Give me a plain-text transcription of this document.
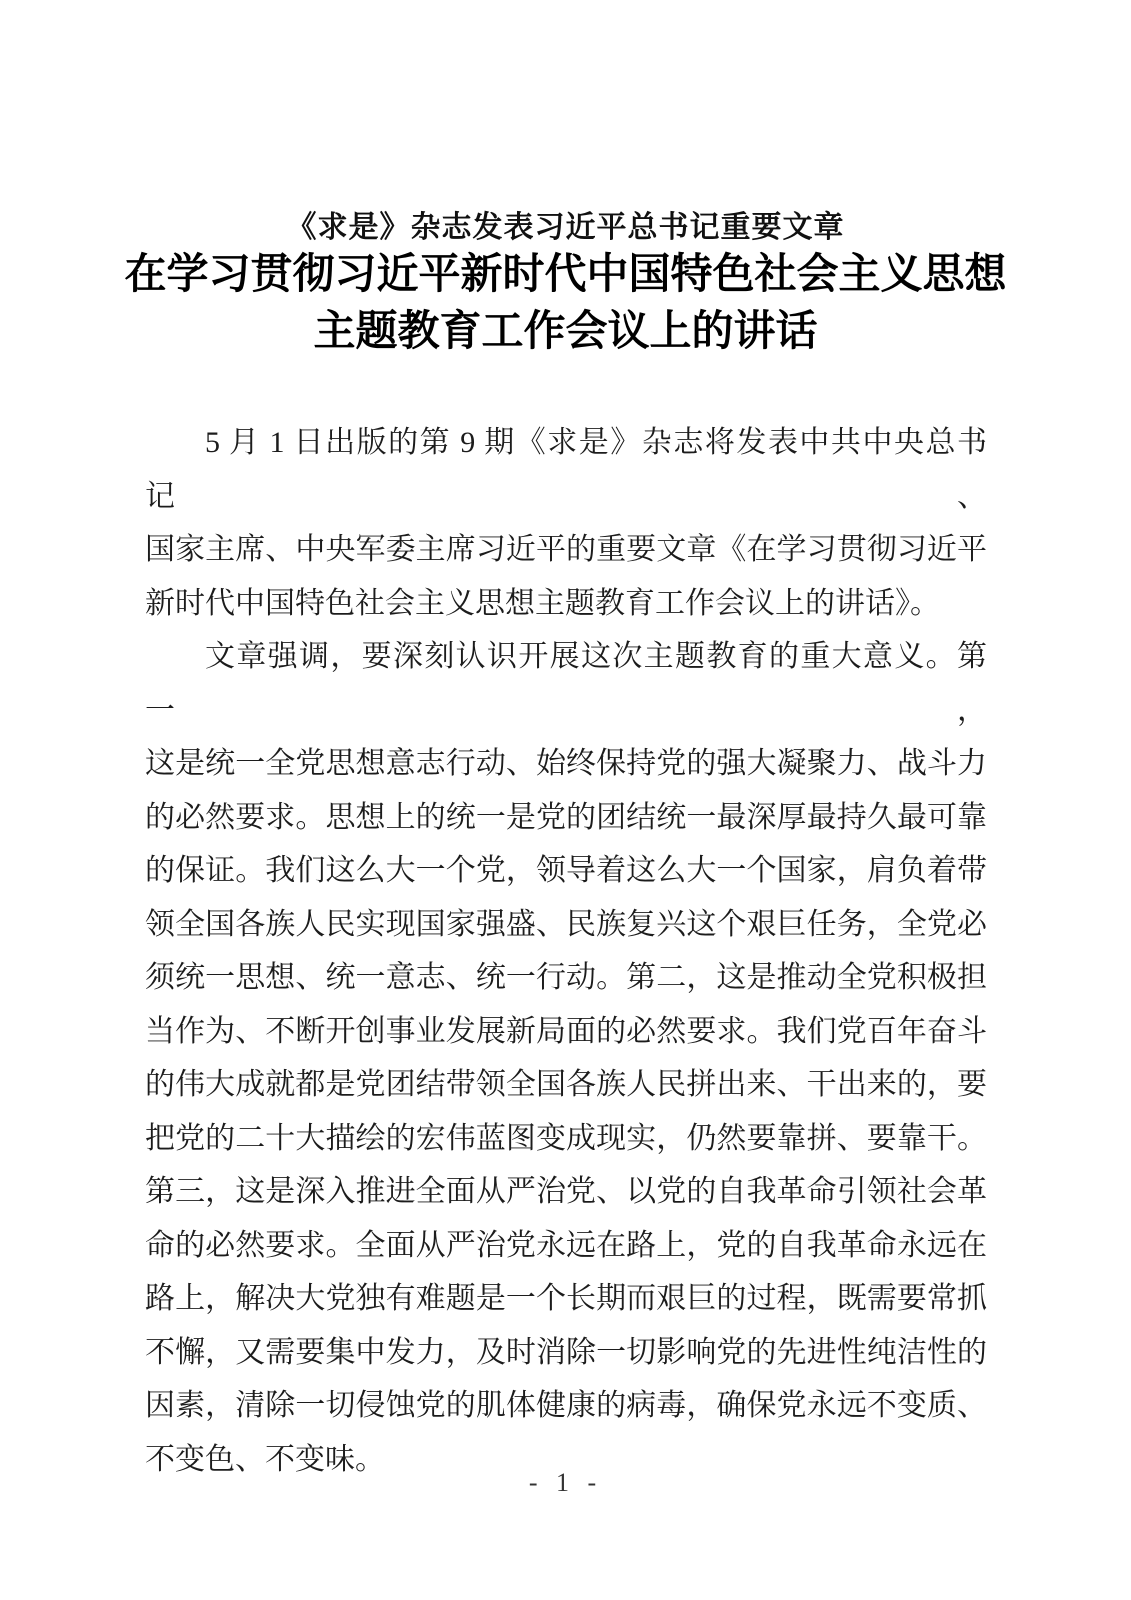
《求是》杂志发表习近平总书记重要文章
在学习贯彻习近平新时代中国特色社会主义思想
主题教育工作会议上的讲话
5 月 1 日出版的第 9 期《求是》杂志将发表中共中央总书记、
国家主席、中央军委主席习近平的重要文章《在学习贯彻习近平
新时代中国特色社会主义思想主题教育工作会议上的讲话》。
文章强调，要深刻认识开展这次主题教育的重大意义。第一，
这是统一全党思想意志行动、始终保持党的强大凝聚力、战斗力
的必然要求。思想上的统一是党的团结统一最深厚最持久最可靠
的保证。我们这么大一个党，领导着这么大一个国家，肩负着带
领全国各族人民实现国家强盛、民族复兴这个艰巨任务，全党必
须统一思想、统一意志、统一行动。第二，这是推动全党积极担
当作为、不断开创事业发展新局面的必然要求。我们党百年奋斗
的伟大成就都是党团结带领全国各族人民拼出来、干出来的，要
把党的二十大描绘的宏伟蓝图变成现实，仍然要靠拼、要靠干。
第三，这是深入推进全面从严治党、以党的自我革命引领社会革
命的必然要求。全面从严治党永远在路上，党的自我革命永远在
路上，解决大党独有难题是一个长期而艰巨的过程，既需要常抓
不懈，又需要集中发力，及时消除一切影响党的先进性纯洁性的
因素，清除一切侵蚀党的肌体健康的病毒，确保党永远不变质、
不变色、不变味。
- 1 -
